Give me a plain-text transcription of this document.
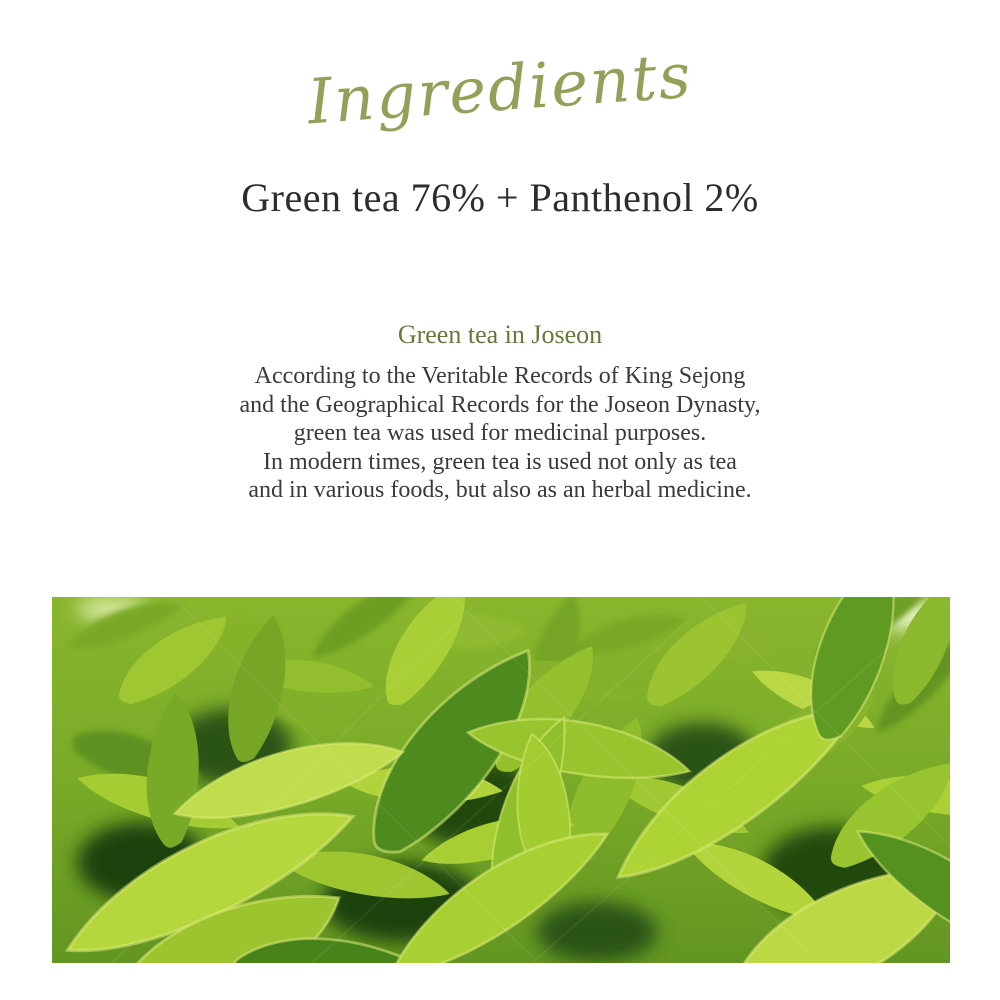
Ingredients
Green tea 76% + Panthenol 2%
Green tea in Joseon
According to the Veritable Records of King Sejong
and the Geographical Records for the Joseon Dynasty,
green tea was used for medicinal purposes.
In modern times, green tea is used not only as tea
and in various foods, but also as an herbal medicine.
